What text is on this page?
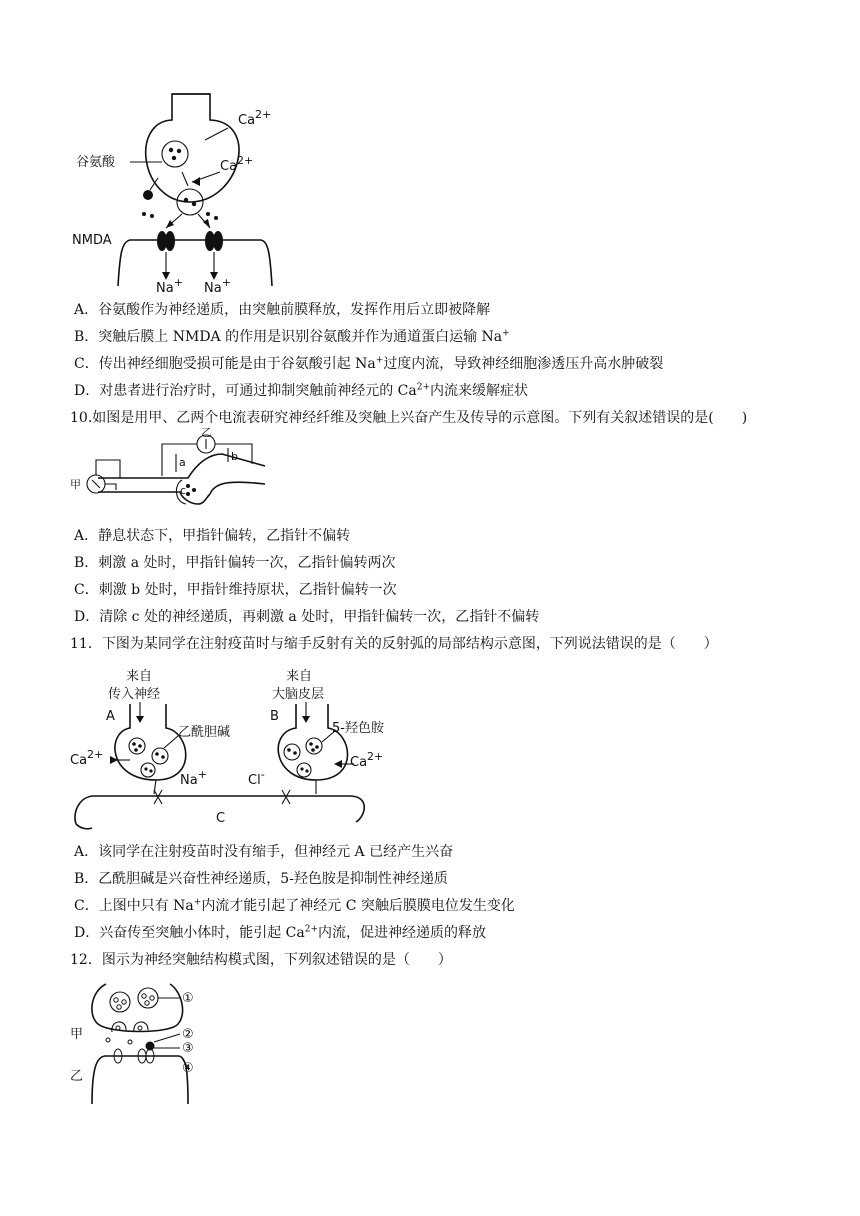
谷氨酸
NMDA
$Ca^{2+}$
$Ca^{2+}$
Na+ Na+
A．谷氨酸作为神经递质，由突触前膜释放，发挥作用后立即被降解
B．突触后膜上 NMDA 的作用是识别谷氨酸并作为通道蛋白运输 Na+
C．传出神经细胞受损可能是由于谷氨酸引起 Na+过度内流，导致神经细胞渗透压升高水肿破裂
D．对患者进行治疗时，可通过抑制突触前神经元的 $Ca^{2+}$内流来缓解症状
10.如图是用甲、乙两个电流表研究神经纤维及突触上兴奋产生及传导的示意图。下列有关叙述错误的是(　　)
甲
乙
a	b
c
A．静息状态下，甲指针偏转，乙指针不偏转
B．刺激 a 处时，甲指针偏转一次，乙指针偏转两次
C．刺激 b 处时，甲指针维持原状，乙指针偏转一次
D．清除 c 处的神经递质，再刺激 a 处时，甲指针偏转一次，乙指针不偏转
11．下图为某同学在注射疫苗时与缩手反射有关的反射弧的局部结构示意图，下列说法错误的是（　　）
来自
传入神经
来自
大脑皮层
A	B
乙酰胆碱	5-羟色胺
$Ca^{2+}$
$Ca^{2+}$
Na+	Cl-
C
A．该同学在注射疫苗时没有缩手，但神经元 A 已经产生兴奋
B．乙酰胆碱是兴奋性神经递质，5-羟色胺是抑制性神经递质
C．上图中只有 Na+内流才能引起了神经元 C 突触后膜膜电位发生变化
D．兴奋传至突触小体时，能引起 $Ca^{2+}$内流，促进神经递质的释放
12．图示为神经突触结构模式图，下列叙述错误的是（　　）
①
②
③
④
甲
乙
